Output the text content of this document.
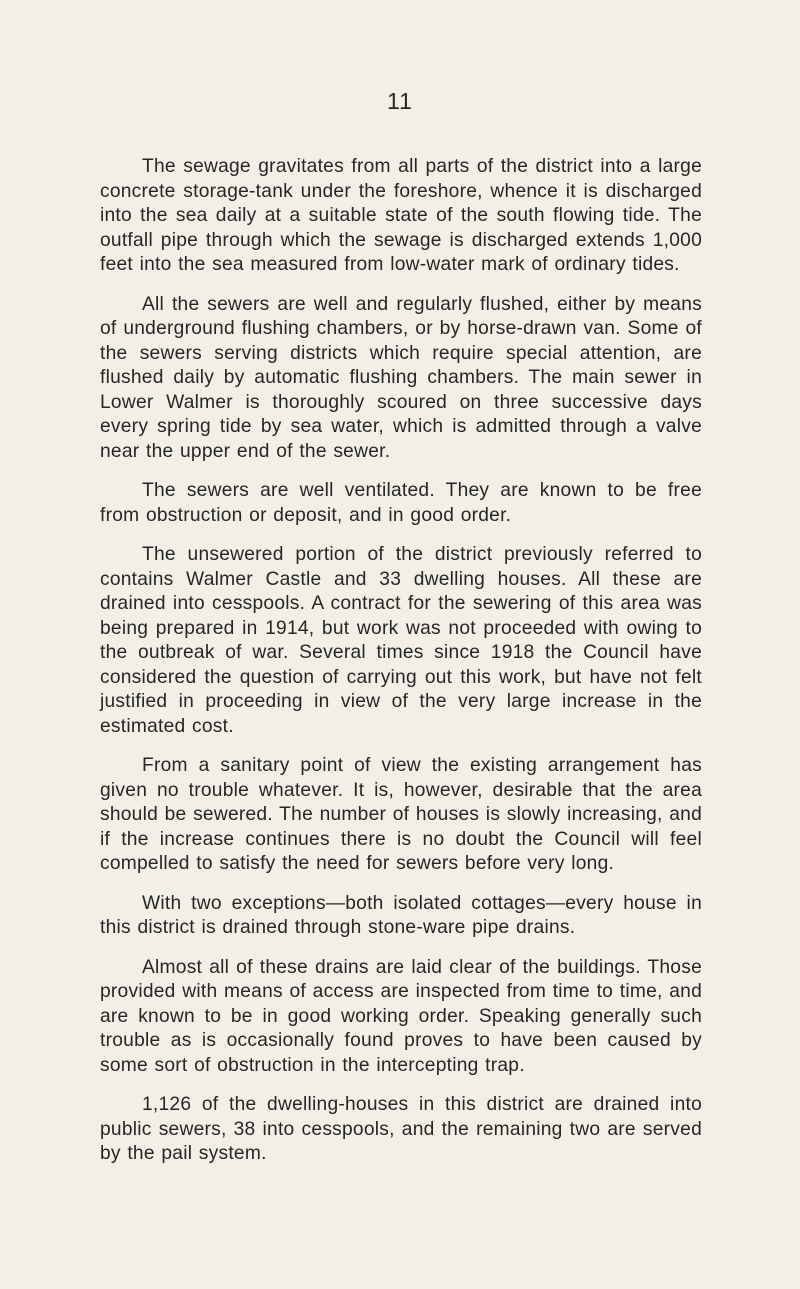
11

The sewage gravitates from all parts of the district into a large concrete storage-tank under the foreshore, whence it is discharged into the sea daily at a suitable state of the south flowing tide. The outfall pipe through which the sewage is discharged extends 1,000 feet into the sea measured from low-water mark of ordinary tides.

All the sewers are well and regularly flushed, either by means of underground flushing chambers, or by horse-drawn van. Some of the sewers serving districts which require special attention, are flushed daily by automatic flushing chambers. The main sewer in Lower Walmer is thoroughly scoured on three successive days every spring tide by sea water, which is admitted through a valve near the upper end of the sewer.

The sewers are well ventilated. They are known to be free from obstruction or deposit, and in good order.

The unsewered portion of the district previously referred to contains Walmer Castle and 33 dwelling houses. All these are drained into cesspools. A contract for the sewering of this area was being prepared in 1914, but work was not proceeded with owing to the outbreak of war. Several times since 1918 the Council have considered the question of carrying out this work, but have not felt justified in proceeding in view of the very large increase in the estimated cost.

From a sanitary point of view the existing arrangement has given no trouble whatever. It is, however, desirable that the area should be sewered. The number of houses is slowly increasing, and if the increase continues there is no doubt the Council will feel compelled to satisfy the need for sewers before very long.

With two exceptions—both isolated cottages—every house in this district is drained through stone-ware pipe drains.

Almost all of these drains are laid clear of the buildings. Those provided with means of access are inspected from time to time, and are known to be in good working order. Speaking generally such trouble as is occasionally found proves to have been caused by some sort of obstruction in the intercepting trap.

1,126 of the dwelling-houses in this district are drained into public sewers, 38 into cesspools, and the remaining two are served by the pail system.
